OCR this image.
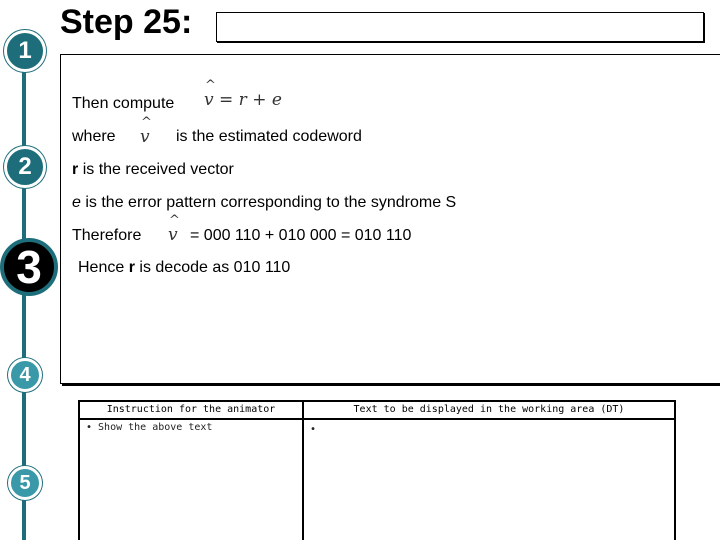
1
2
3
4
5
Step 25:
Then compute ^ v = r + e
where ^ v is the estimated codeword
r is the received vector
e is the error pattern corresponding to the syndrome S
Therefore ^ v = 000 110 + 010 000 = 010 110
Hence r is decode as 010 110
Instruction for the animator	Text to be displayed in the working area (DT)
• Show the above text	•
